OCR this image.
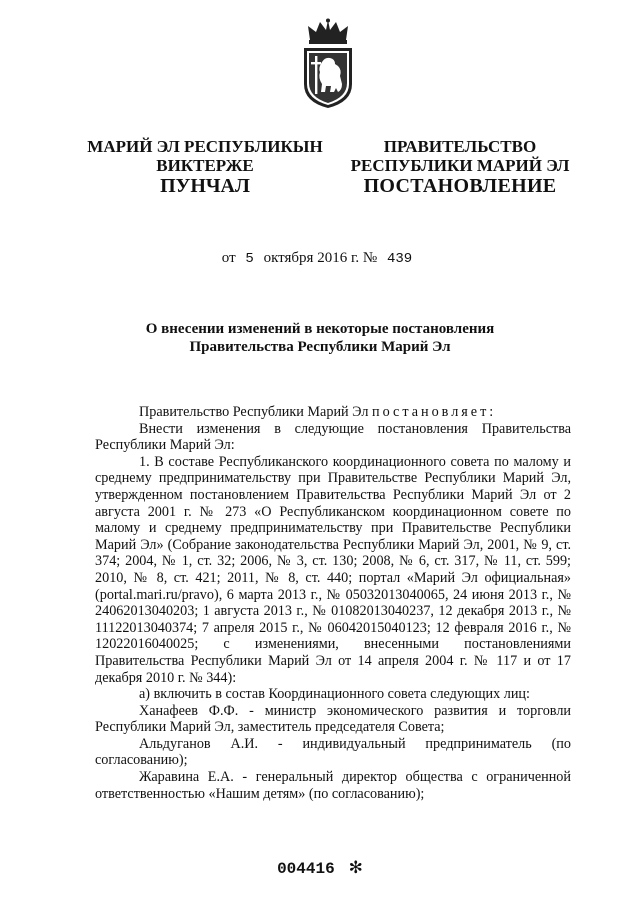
МАРИЙ ЭЛ РЕСПУБЛИКЫН
ВИКТЕРЖЕ
ПРАВИТЕЛЬСТВО
РЕСПУБЛИКИ МАРИЙ ЭЛ
ПУНЧАЛ	ПОСТАНОВЛЕНИЕ
от 5 октября 2016 г. № 439
О внесении изменений в некоторые постановления
Правительства Республики Марий Эл

Правительство Республики Марий Эл постановляет:

Внести изменения в следующие постановления Правительства Республики Марий Эл:

1. В составе Республиканского координационного совета по малому и среднему предпринимательству при Правительстве Республики Марий Эл, утвержденном постановлением Правительства Республики Марий Эл от 2 августа 2001 г. № 273 «О Республиканском координационном совете по малому и среднему предпринимательству при Правительстве Республики Марий Эл» (Собрание законодательства Республики Марий Эл, 2001, № 9, ст. 374; 2004, № 1, ст. 32; 2006, № 3, ст. 130; 2008, № 6, ст. 317, № 11, ст. 599; 2010, № 8, ст. 421; 2011, № 8, ст. 440; портал «Марий Эл официальная» (portal.mari.ru/pravo), 6 марта 2013 г., № 05032013040065, 24 июня 2013 г., № 24062013040203; 1 августа 2013 г., № 01082013040237, 12 декабря 2013 г., № 11122013040374; 7 апреля 2015 г., № 06042015040123; 12 февраля 2016 г., № 12022016040025; с изменениями, внесенными постановлениями Правительства Республики Марий Эл от 14 апреля 2004 г. № 117 и от 17 декабря 2010 г. № 344):

а) включить в состав Координационного совета следующих лиц:

Ханафеев Ф.Ф. - министр экономического развития и торговли Республики Марий Эл, заместитель председателя Совета;

Альдуганов А.И. - индивидуальный предприниматель (по согласованию);

Жаравина Е.А. - генеральный директор общества с ограниченной ответственностью «Нашим детям» (по согласованию);

004416 ✻
